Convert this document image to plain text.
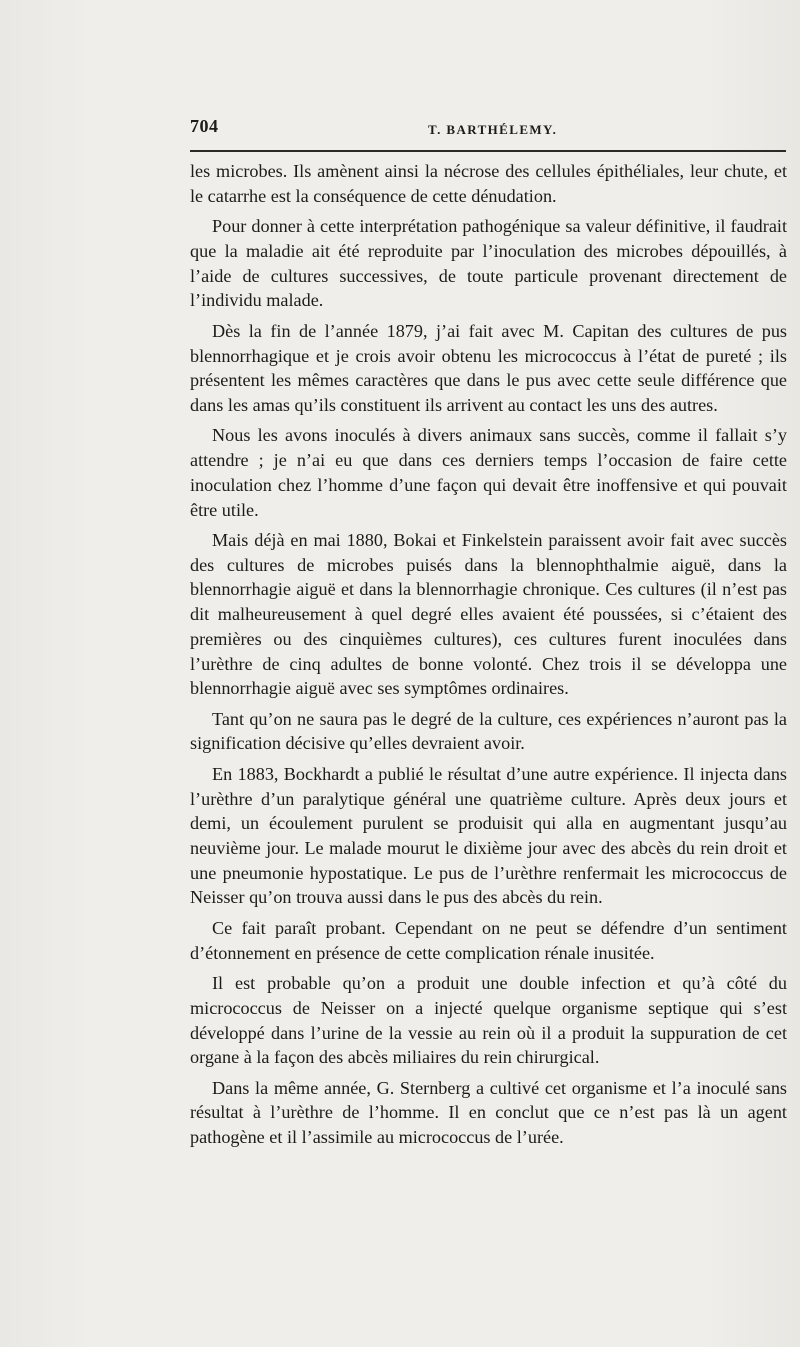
704	T. BARTHÉLEMY.

les microbes. Ils amènent ainsi la nécrose des cellules épithéliales, leur chute, et le catarrhe est la conséquence de cette dénudation.

Pour donner à cette interprétation pathogénique sa valeur définitive, il faudrait que la maladie ait été reproduite par l’inoculation des microbes dépouillés, à l’aide de cultures successives, de toute particule provenant directement de l’individu malade.

Dès la fin de l’année 1879, j’ai fait avec M. Capitan des cultures de pus blennorrhagique et je crois avoir obtenu les micrococcus à l’état de pureté ; ils présentent les mêmes caractères que dans le pus avec cette seule différence que dans les amas qu’ils constituent ils arrivent au contact les uns des autres.

Nous les avons inoculés à divers animaux sans succès, comme il fallait s’y attendre ; je n’ai eu que dans ces derniers temps l’occasion de faire cette inoculation chez l’homme d’une façon qui devait être inoffensive et qui pouvait être utile.

Mais déjà en mai 1880, Bokai et Finkelstein paraissent avoir fait avec succès des cultures de microbes puisés dans la blennophthalmie aiguë, dans la blennorrhagie aiguë et dans la blennorrhagie chronique. Ces cultures (il n’est pas dit malheureusement à quel degré elles avaient été poussées, si c’étaient des premières ou des cinquièmes cultures), ces cultures furent inoculées dans l’urèthre de cinq adultes de bonne volonté. Chez trois il se développa une blennorrhagie aiguë avec ses symptômes ordinaires.

Tant qu’on ne saura pas le degré de la culture, ces expériences n’auront pas la signification décisive qu’elles devraient avoir.

En 1883, Bockhardt a publié le résultat d’une autre expérience. Il injecta dans l’urèthre d’un paralytique général une quatrième culture. Après deux jours et demi, un écoulement purulent se produisit qui alla en augmentant jusqu’au neuvième jour. Le malade mourut le dixième jour avec des abcès du rein droit et une pneumonie hypostatique. Le pus de l’urèthre renfermait les micrococcus de Neisser qu’on trouva aussi dans le pus des abcès du rein.

Ce fait paraît probant. Cependant on ne peut se défendre d’un sentiment d’étonnement en présence de cette complication rénale inusitée.

Il est probable qu’on a produit une double infection et qu’à côté du micrococcus de Neisser on a injecté quelque organisme septique qui s’est développé dans l’urine de la vessie au rein où il a produit la suppuration de cet organe à la façon des abcès miliaires du rein chirurgical.

Dans la même année, G. Sternberg a cultivé cet organisme et l’a inoculé sans résultat à l’urèthre de l’homme. Il en conclut que ce n’est pas là un agent pathogène et il l’assimile au micrococcus de l’urée.
